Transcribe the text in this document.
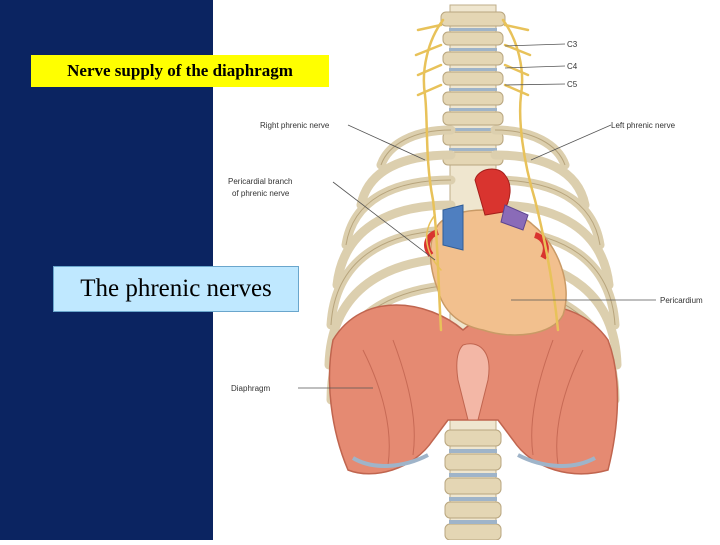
C3
C4
C5
Right phrenic nerve	Left phrenic nerve
Pericardial branch
of phrenic nerve
Pericardium
Diaphragm
Nerve supply of the diaphragm
The phrenic nerves
